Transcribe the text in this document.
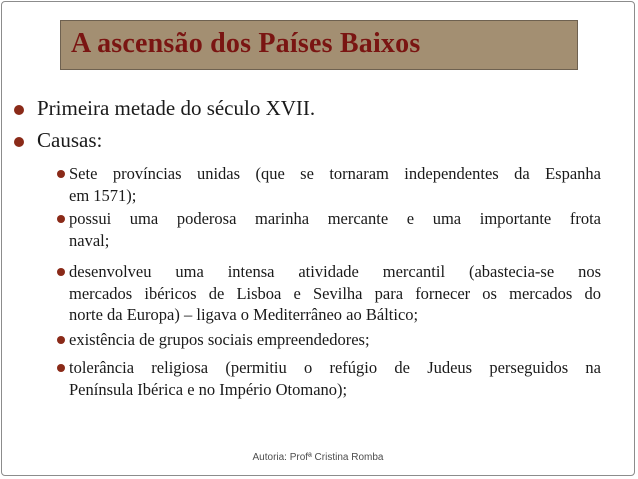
A ascensão dos Países Baixos
Primeira metade do século XVII.
Causas:
Sete províncias unidas (que se tornaram independentes da Espanha
em 1571);
possui uma poderosa marinha mercante e uma importante frota
naval;
desenvolveu uma intensa atividade mercantil (abastecia-se nos
mercados ibéricos de Lisboa e Sevilha para fornecer os mercados do
norte da Europa) – ligava o Mediterrâneo ao Báltico;
existência de grupos sociais empreendedores;
tolerância religiosa (permitiu o refúgio de Judeus perseguidos na
Península Ibérica e no Império Otomano);
Autoria: Profª Cristina Romba
